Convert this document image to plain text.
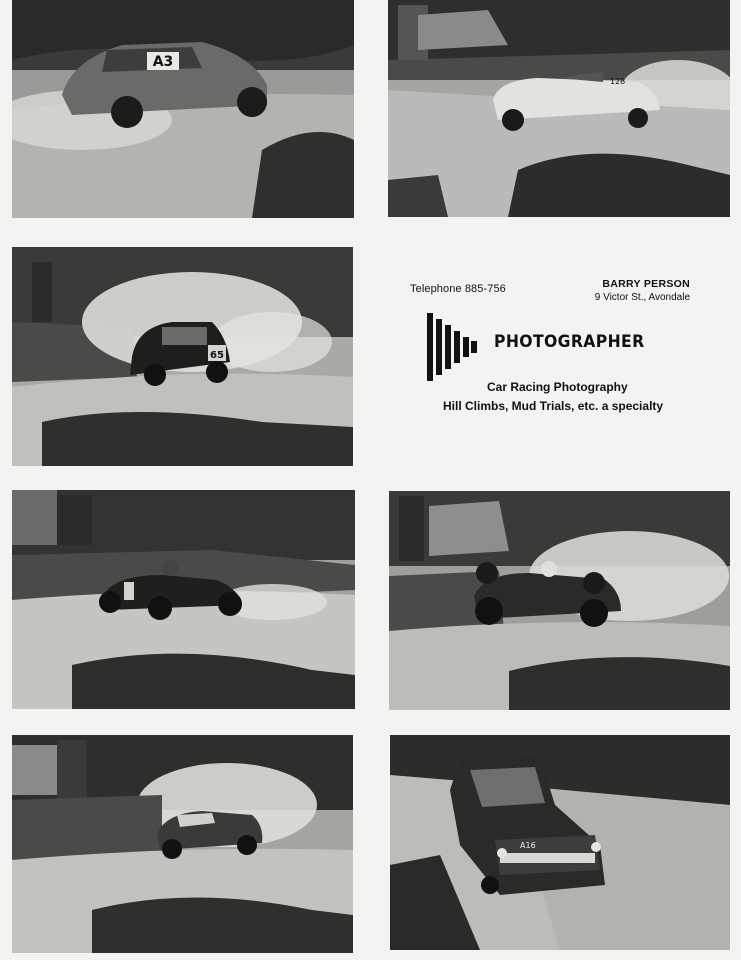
A3
128
65
Telephone 885-756	BARRY PERSON
9 Victor St., Avondale
PHOTOGRAPHER
Car Racing Photography
Hill Climbs, Mud Trials, etc. a specialty
A16
